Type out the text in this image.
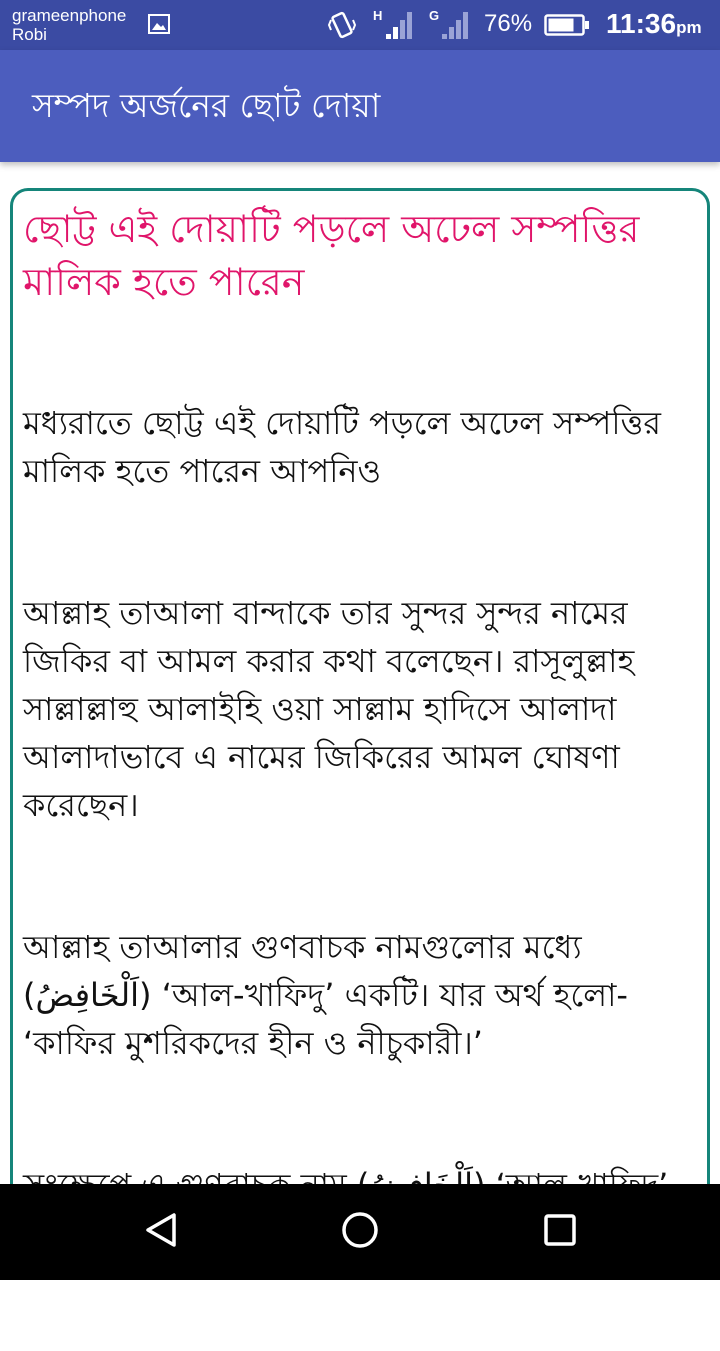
grameenphone
Robi
H	G 76%	11:36pm
সম্পদ অর্জনের ছোট দোয়া
ছোট্ট এই দোয়াটি পড়লে অঢেল সম্পত্তির মালিক হতে পারেন

মধ্যরাতে ছোট্ট এই দোয়াটি পড়লে অঢেল সম্পত্তির মালিক হতে পারেন আপনিও

আল্লাহ তাআলা বান্দাকে তার সুন্দর সুন্দর নামের জিকির বা আমল করার কথা বলেছেন। রাসূলুল্লাহ সাল্লাল্লাহু আলাইহি ওয়া সাল্লাম হাদিসে আলাদা আলাদাভাবে এ নামের জিকিরের আমল ঘোষণা করেছেন।

আল্লাহ তাআলার গুণবাচক নামগুলোর মধ্যে (اَلْخَافِضُ) ‘আল-খাফিদু’ একটি। যার অর্থ হলো- ‘কাফির মুশরিকদের হীন ও নীচুকারী।’
